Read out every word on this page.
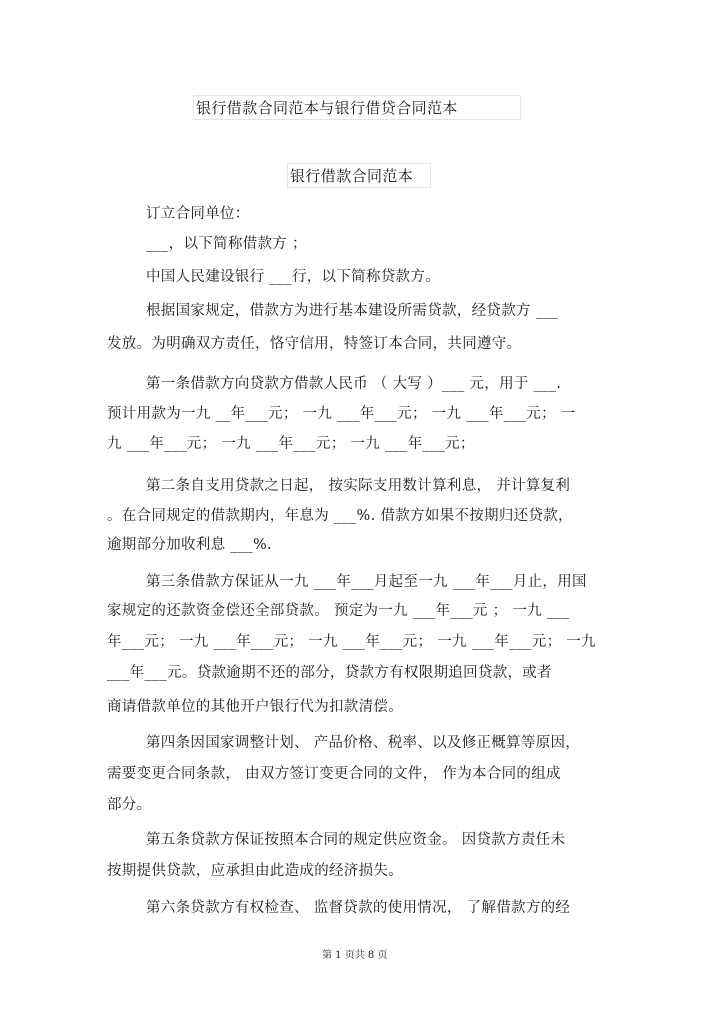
银行借款合同范本与银行借贷合同范本
银行借款合同范本
订立合同单位：
___，以下简称借款方 ；
中国人民建设银行 ___行，以下简称贷款方。
根据国家规定，借款方为进行基本建设所需贷款，经贷款方 ___
发放。为明确双方责任，恪守信用，特签订本合同，共同遵守。
第一条借款方向贷款方借款人民币 （ 大写 ）___ 元，用于 ___.
预计用款为一九 __年___元； 一九 ___年___元； 一九 ___年___元； 一
九 ___年___元； 一九 ___年___元； 一九 ___年___元；
第二条自支用贷款之日起， 按实际支用数计算利息， 并计算复利
。在合同规定的借款期内，年息为 ___%. 借款方如果不按期归还贷款，
逾期部分加收利息 ___%.
第三条借款方保证从一九 ___年___月起至一九 ___年___月止，用国
家规定的还款资金偿还全部贷款。 预定为一九 ___年___元 ； 一九 ___
年___元； 一九 ___年___元； 一九 ___年___元； 一九 ___年___元； 一九
___年___元。贷款逾期不还的部分，贷款方有权限期追回贷款，或者
商请借款单位的其他开户银行代为扣款清偿。
第四条因国家调整计划、 产品价格、税率、以及修正概算等原因，
需要变更合同条款， 由双方签订变更合同的文件， 作为本合同的组成
部分。
第五条贷款方保证按照本合同的规定供应资金。 因贷款方责任未
按期提供贷款，应承担由此造成的经济损失。
第六条贷款方有权检查、 监督贷款的使用情况， 了解借款方的经
第 1 页共 8 页
